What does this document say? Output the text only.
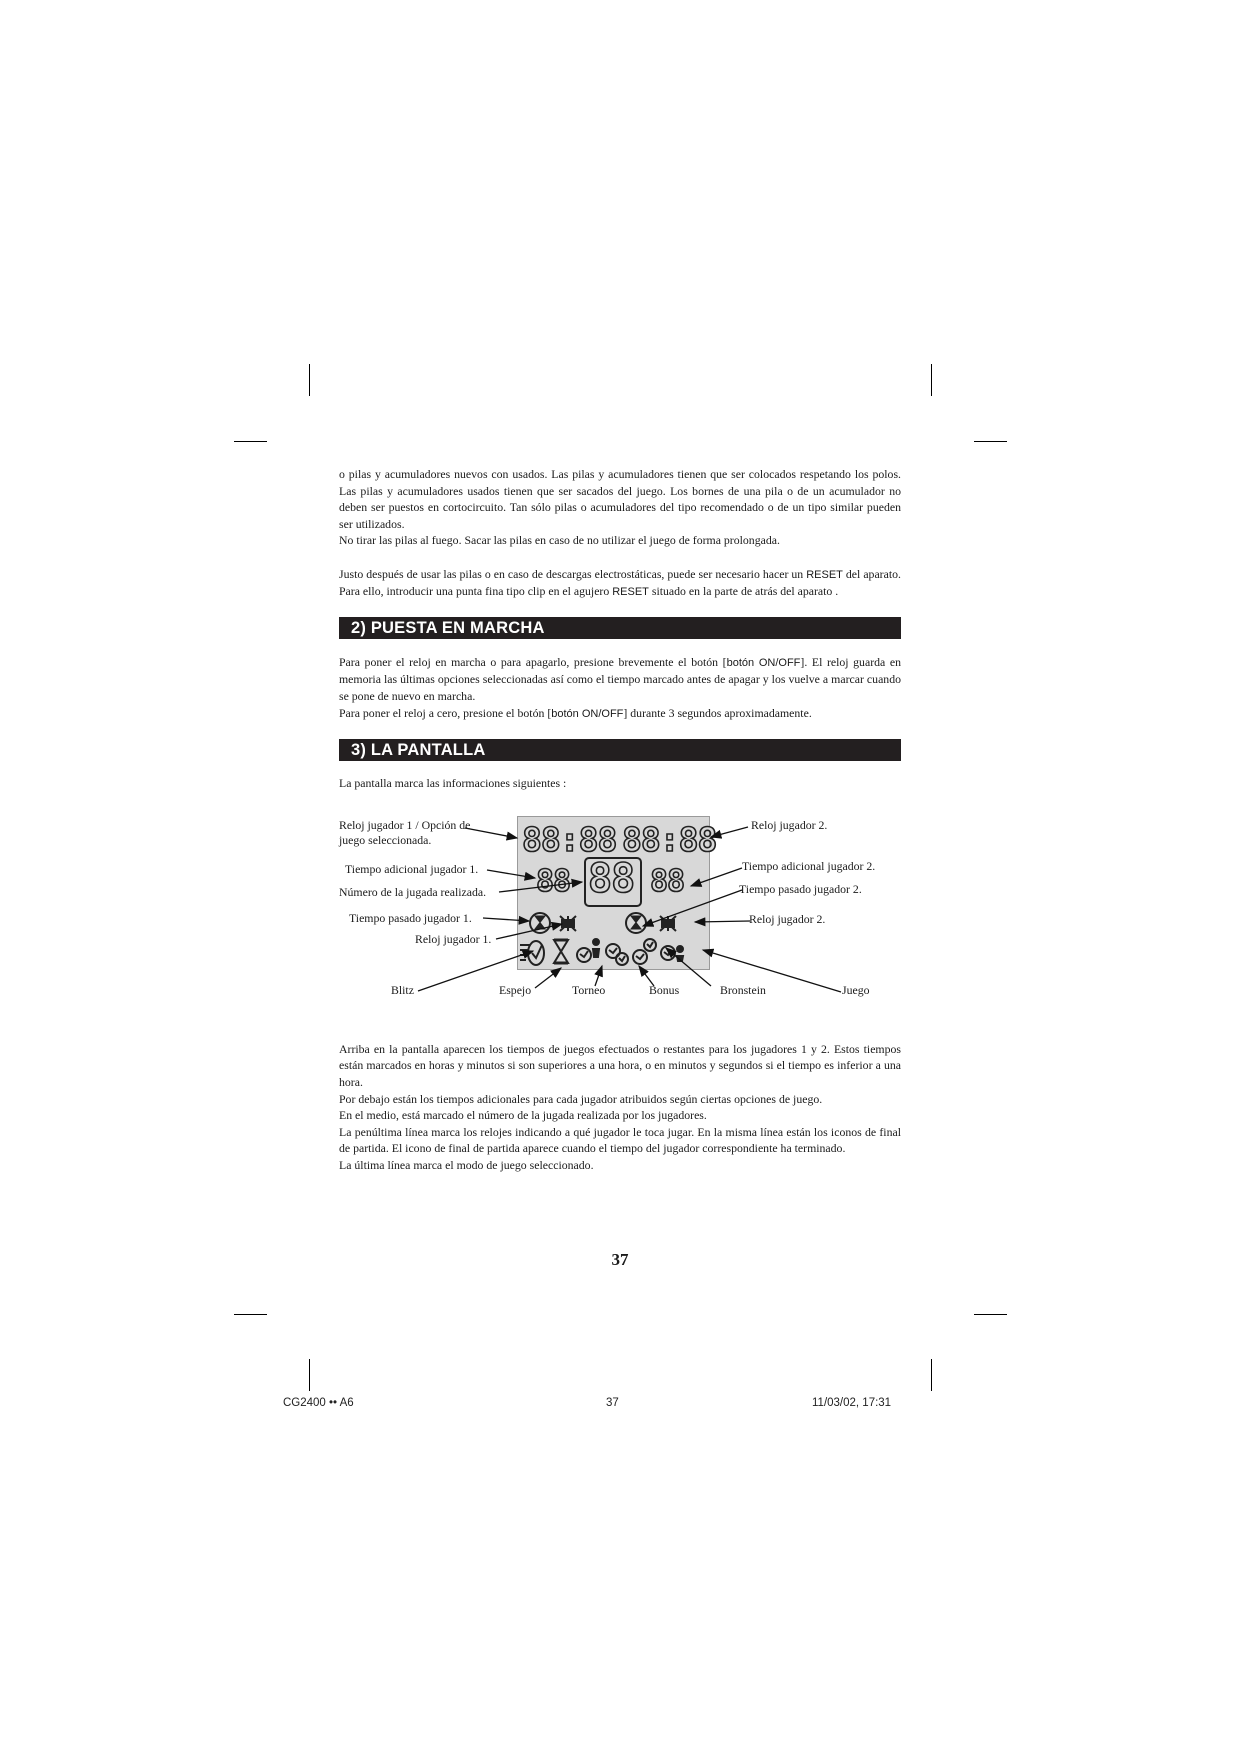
o pilas y acumuladores nuevos con usados. Las pilas y acumuladores tienen que ser colocados respetando los polos. Las pilas y acumuladores usados tienen que ser sacados del juego. Los bornes de una pila o de un acumulador no deben ser puestos en cortocircuito. Tan sólo pilas o acumuladores del tipo recomendado o de un tipo similar pueden ser utilizados.

No tirar las pilas al fuego. Sacar las pilas en caso de no utilizar el juego de forma prolongada.

Justo después de usar las pilas o en caso de descargas electrostáticas, puede ser necesario hacer un RESET del aparato. Para ello, introducir una punta fina tipo clip en el agujero RESET situado en la parte de atrás del aparato .

2) PUESTA EN MARCHA

Para poner el reloj en marcha o para apagarlo, presione brevemente el botón [botón ON/OFF]. El reloj guarda en memoria las últimas opciones seleccionadas así como el tiempo marcado antes de apagar y los vuelve a marcar cuando se pone de nuevo en marcha.

Para poner el reloj a cero, presione el botón [botón ON/OFF] durante 3 segundos aproximadamente.

3) LA PANTALLA

La pantalla marca las informaciones siguientes :

88:88 88:88
88 88 88
Reloj jugador 1 / Opción de
juego seleccionada.
Reloj jugador 2.
Tiempo adicional jugador 1.	Tiempo adicional jugador 2.
Número de la jugada realizada.	Tiempo pasado jugador 2.
Tiempo pasado jugador 1.	Reloj jugador 2.
Reloj jugador 1.
Blitz	Espejo	Torneo	Bonus	Bronstein	Juego

Arriba en la pantalla aparecen los tiempos de juegos efectuados o restantes para los jugadores 1 y 2. Estos tiempos están marcados en horas y minutos si son superiores a una hora, o en minutos y segundos si el tiempo es inferior a una hora.

Por debajo están los tiempos adicionales para cada jugador atribuidos según ciertas opciones de juego.

En el medio, está marcado el número de la jugada realizada por los jugadores.

La penúltima línea marca los relojes indicando a qué jugador le toca jugar. En la misma línea están los iconos de final de partida. El icono de final de partida aparece cuando el tiempo del jugador correspondiente ha terminado.

La última línea marca el modo de juego seleccionado.

37
CG2400 •• A6	37	11/03/02, 17:31
